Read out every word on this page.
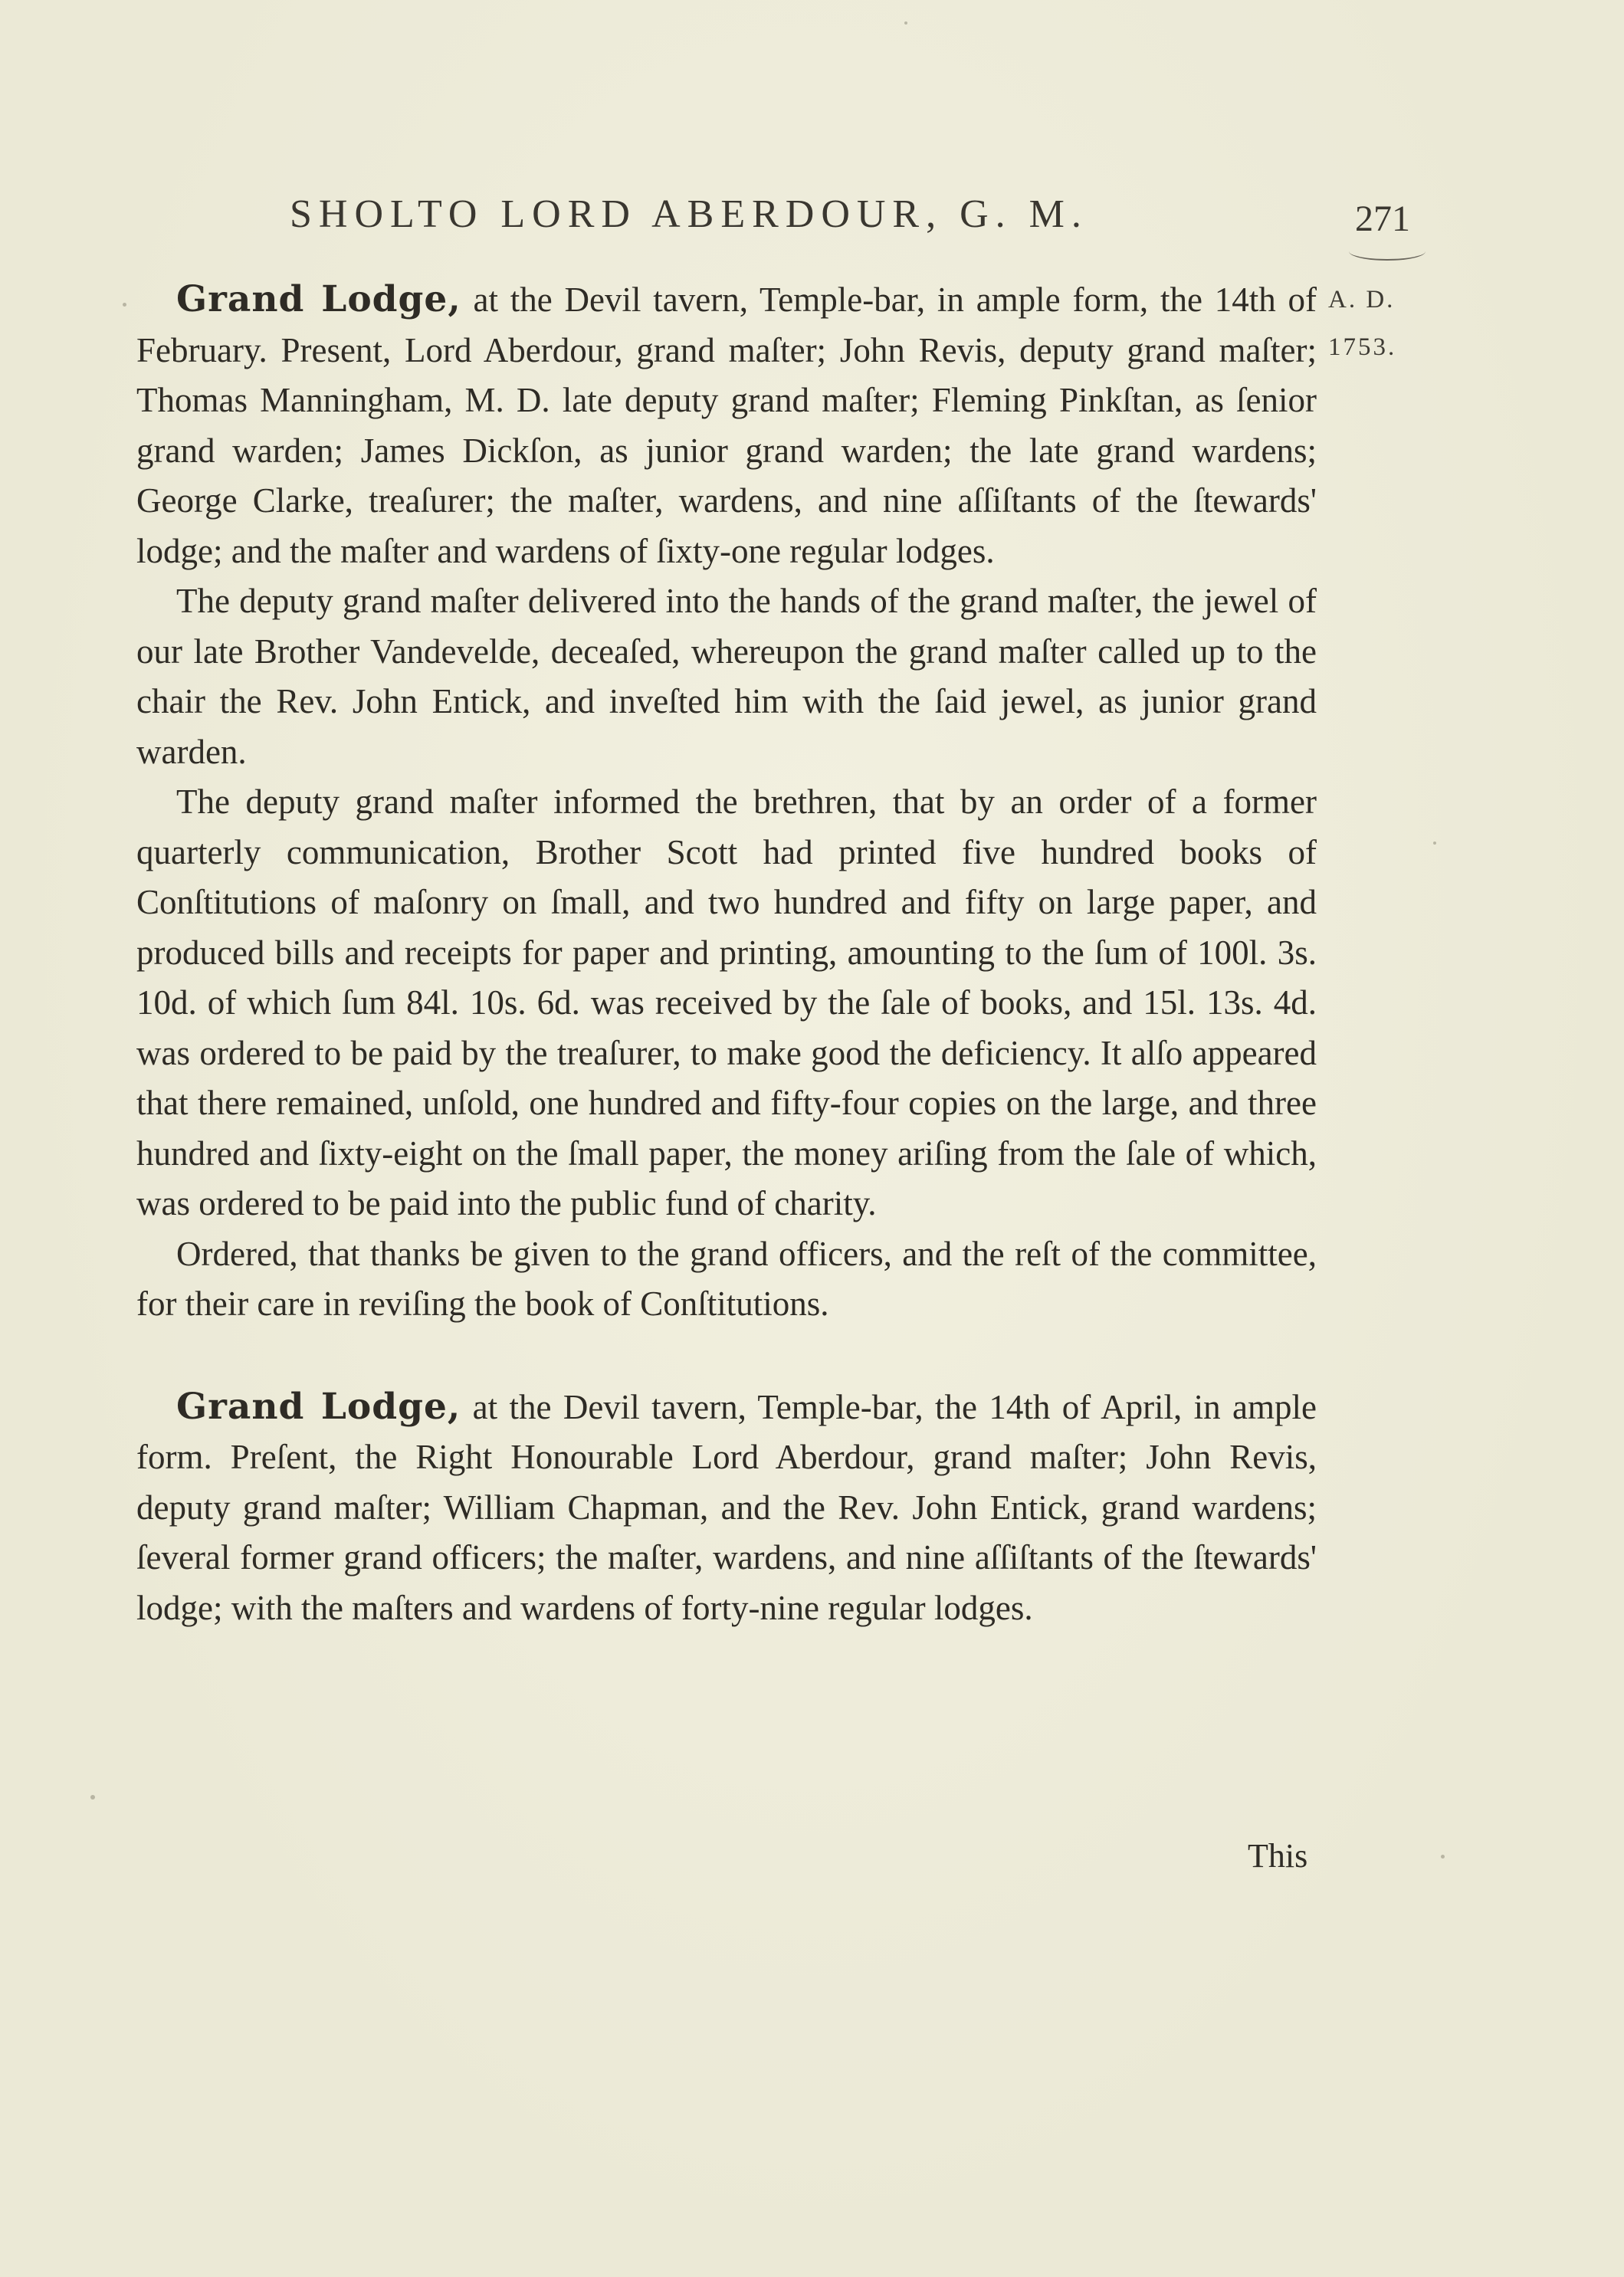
SHOLTO LORD ABERDOUR, G. M.	271
A. D.
1753.

Grand Lodge, at the Devil tavern, Temple-bar, in ample form, the 14th of February. Present, Lord Aberdour, grand maſter; John Revis, deputy grand maſter; Thomas Manningham, M. D. late deputy grand maſter; Fleming Pinkſtan, as ſenior grand warden; James Dickſon, as junior grand warden; the late grand wardens; George Clarke, treaſurer; the maſter, wardens, and nine aſſiſtants of the ſtewards' lodge; and the maſter and wardens of ſixty-one regular lodges.

The deputy grand maſter delivered into the hands of the grand maſter, the jewel of our late Brother Vandevelde, deceaſed, whereupon the grand maſter called up to the chair the Rev. John Entick, and inveſted him with the ſaid jewel, as junior grand warden.

The deputy grand maſter informed the brethren, that by an order of a former quarterly communication, Brother Scott had printed five hundred books of Conſtitutions of maſonry on ſmall, and two hundred and fifty on large paper, and produced bills and receipts for paper and printing, amounting to the ſum of 100l. 3s. 10d. of which ſum 84l. 10s. 6d. was received by the ſale of books, and 15l. 13s. 4d. was ordered to be paid by the treaſurer, to make good the deficiency. It alſo appeared that there remained, unſold, one hundred and fifty-four copies on the large, and three hundred and ſixty-eight on the ſmall paper, the money ariſing from the ſale of which, was ordered to be paid into the public fund of charity.

Ordered, that thanks be given to the grand officers, and the reſt of the committee, for their care in reviſing the book of Conſtitutions.

Grand Lodge, at the Devil tavern, Temple-bar, the 14th of April, in ample form. Preſent, the Right Honourable Lord Aberdour, grand maſter; John Revis, deputy grand maſter; William Chapman, and the Rev. John Entick, grand wardens; ſeveral former grand officers; the maſter, wardens, and nine aſſiſtants of the ſtewards' lodge; with the maſters and wardens of forty-nine regular lodges.

This
